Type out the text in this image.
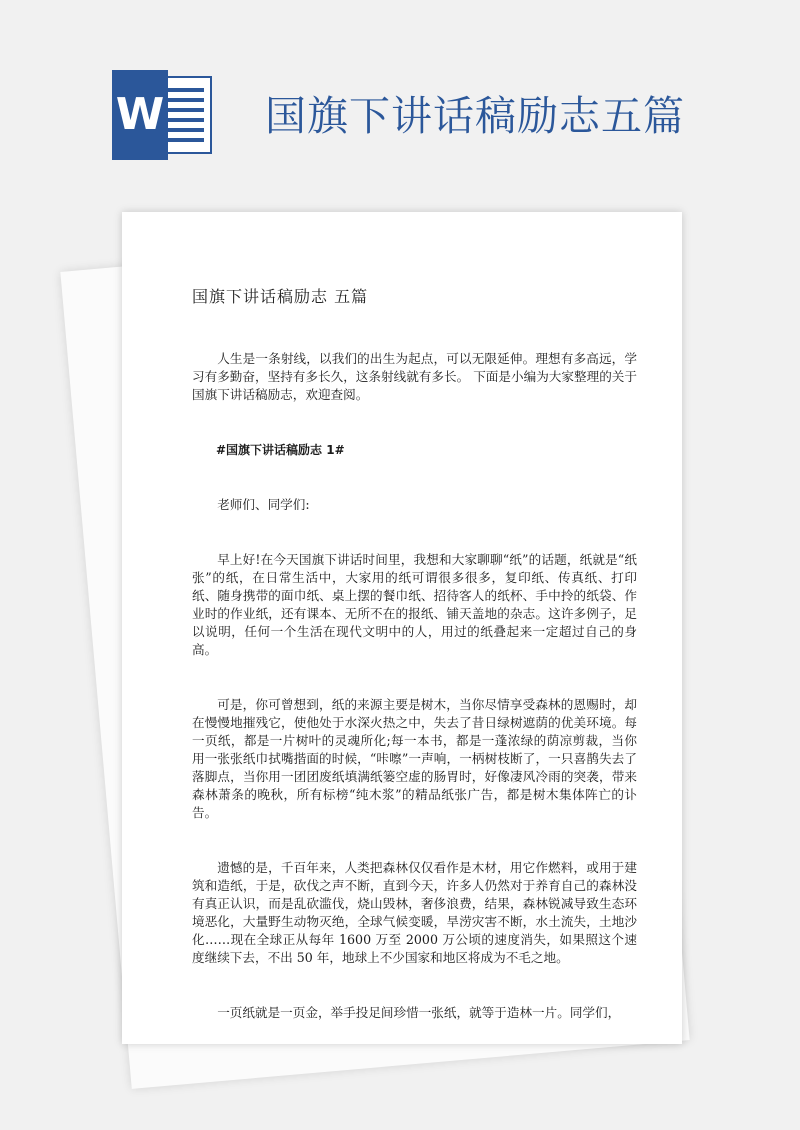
W 国旗下讲话稿励志五篇
国旗下讲话稿励志 五篇

人生是一条射线，以我们的出生为起点，可以无限延伸。理想有多高远，学习有多勤奋，坚持有多长久，这条射线就有多长。 下面是小编为大家整理的关于国旗下讲话稿励志，欢迎查阅。

#国旗下讲话稿励志 1#

老师们、同学们:

早上好!在今天国旗下讲话时间里，我想和大家聊聊“纸”的话题，纸就是“纸张”的纸，在日常生活中，大家用的纸可谓很多很多，复印纸、传真纸、打印纸、随身携带的面巾纸、桌上摆的餐巾纸、招待客人的纸杯、手中拎的纸袋、作业时的作业纸，还有课本、无所不在的报纸、铺天盖地的杂志。这许多例子，足以说明，任何一个生活在现代文明中的人，用过的纸叠起来一定超过自己的身高。

可是，你可曾想到，纸的来源主要是树木，当你尽情享受森林的恩赐时，却在慢慢地摧残它，使他处于水深火热之中，失去了昔日绿树遮荫的优美环境。每一页纸，都是一片树叶的灵魂所化;每一本书，都是一蓬浓绿的荫凉剪裁，当你用一张张纸巾拭嘴揩面的时候，“咔嚓”一声响，一柄树枝断了，一只喜鹊失去了落脚点，当你用一团团废纸填满纸篓空虚的肠胃时，好像凄风冷雨的突袭，带来森林萧条的晚秋，所有标榜“纯木浆”的精品纸张广告，都是树木集体阵亡的讣告。

遗憾的是，千百年来，人类把森林仅仅看作是木材，用它作燃料，或用于建筑和造纸，于是，砍伐之声不断，直到今天，许多人仍然对于养育自己的森林没有真正认识，而是乱砍滥伐，烧山毁林，奢侈浪费，结果，森林锐减导致生态环境恶化，大量野生动物灭绝，全球气候变暖，旱涝灾害不断，水土流失，土地沙化……现在全球正从每年 1600 万至 2000 万公顷的速度消失，如果照这个速度继续下去，不出 50 年，地球上不少国家和地区将成为不毛之地。

一页纸就是一页金，举手投足间珍惜一张纸，就等于造林一片。同学们，
